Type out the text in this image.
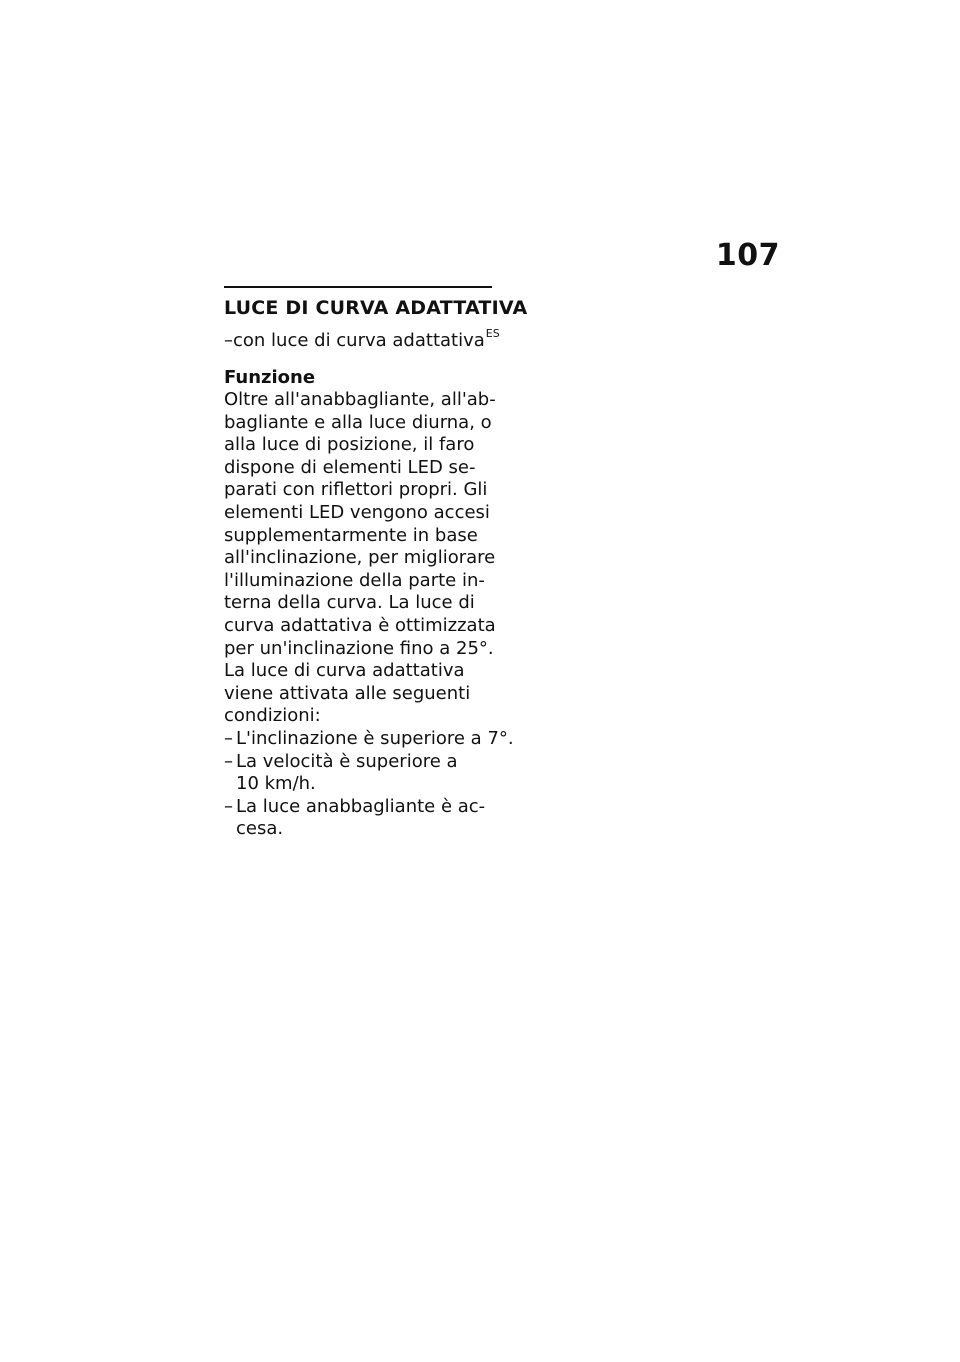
107
LUCE DI CURVA ADATTATIVA
–con luce di curva adattativa$^{ES}$
Funzione
Oltre all'anabbagliante, all'ab-
bagliante e alla luce diurna, o
alla luce di posizione, il faro
dispone di elementi LED se-
parati con riflettori propri. Gli
elementi LED vengono accesi
supplementarmente in base
all'inclinazione, per migliorare
l'illuminazione della parte in-
terna della curva. La luce di
curva adattativa è ottimizzata
per un'inclinazione fino a 25°.
La luce di curva adattativa
viene attivata alle seguenti
condizioni:
– L'inclinazione è superiore a 7°.
– La velocità è superiore a
10 km/h.
– La luce anabbagliante è ac-
cesa.
